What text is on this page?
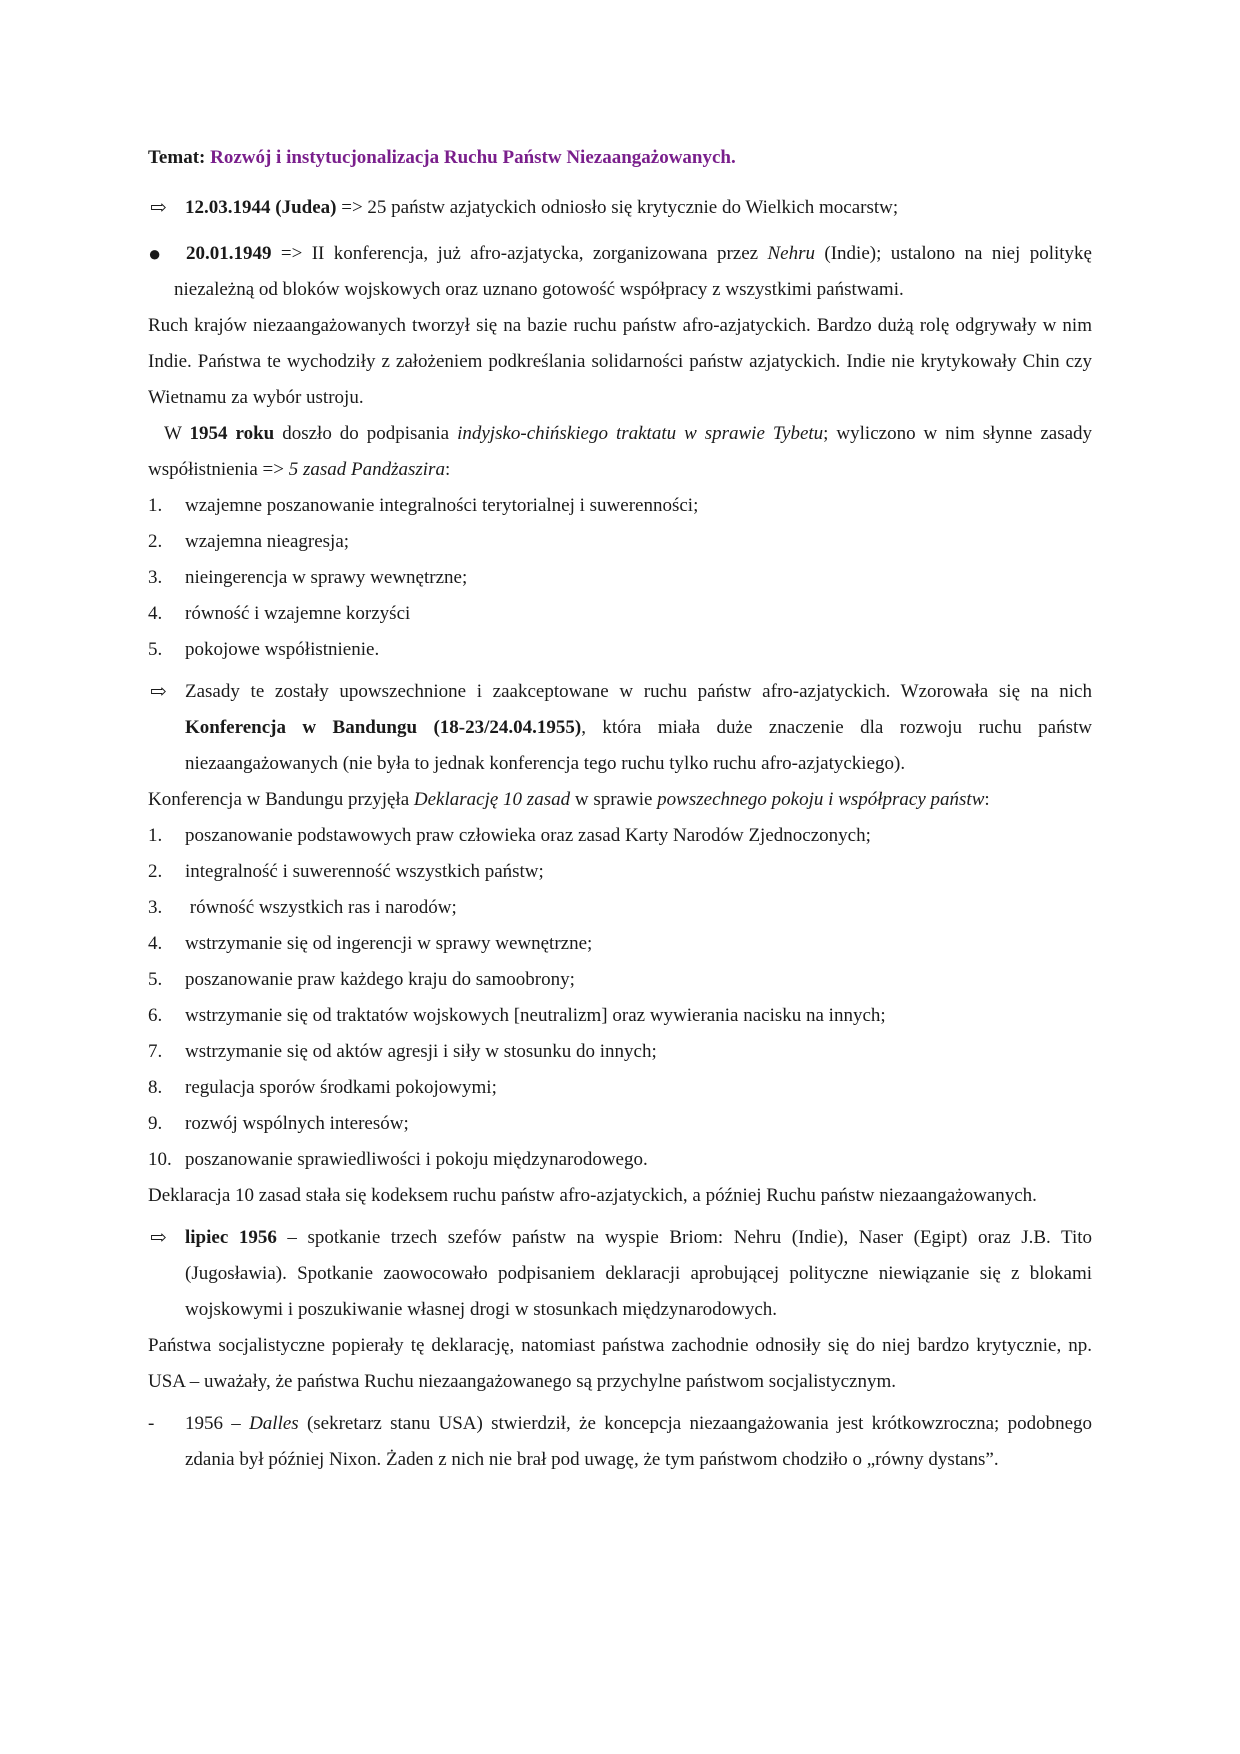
Temat: Rozwój i instytucjonalizacja Ruchu Państw Niezaangażowanych.

⇨ 12.03.1944 (Judea) => 25 państw azjatyckich odniosło się krytycznie do Wielkich mocarstw;

● 20.01.1949 => II konferencja, już afro-azjatycka, zorganizowana przez Nehru (Indie); ustalono na niej politykę niezależną od bloków wojskowych oraz uznano gotowość współpracy z wszystkimi państwami.

Ruch krajów niezaangażowanych tworzył się na bazie ruchu państw afro-azjatyckich. Bardzo dużą rolę odgrywały w nim Indie. Państwa te wychodziły z założeniem podkreślania solidarności państw azjatyckich. Indie nie krytykowały Chin czy Wietnamu za wybór ustroju.

W 1954 roku doszło do podpisania indyjsko-chińskiego traktatu w sprawie Tybetu; wyliczono w nim słynne zasady współistnienia => 5 zasad Pandżaszira:

1. wzajemne poszanowanie integralności terytorialnej i suwerenności;

2. wzajemna nieagresja;

3. nieingerencja w sprawy wewnętrzne;

4. równość i wzajemne korzyści

5. pokojowe współistnienie.

⇨ Zasady te zostały upowszechnione i zaakceptowane w ruchu państw afro-azjatyckich. Wzorowała się na nich Konferencja w Bandungu (18-23/24.04.1955), która miała duże znaczenie dla rozwoju ruchu państw niezaangażowanych (nie była to jednak konferencja tego ruchu tylko ruchu afro-azjatyckiego).

Konferencja w Bandungu przyjęła Deklarację 10 zasad w sprawie powszechnego pokoju i współpracy państw:

1. poszanowanie podstawowych praw człowieka oraz zasad Karty Narodów Zjednoczonych;

2. integralność i suwerenność wszystkich państw;

3. równość wszystkich ras i narodów;

4. wstrzymanie się od ingerencji w sprawy wewnętrzne;

5. poszanowanie praw każdego kraju do samoobrony;

6. wstrzymanie się od traktatów wojskowych [neutralizm] oraz wywierania nacisku na innych;

7. wstrzymanie się od aktów agresji i siły w stosunku do innych;

8. regulacja sporów środkami pokojowymi;

9. rozwój wspólnych interesów;

10. poszanowanie sprawiedliwości i pokoju międzynarodowego.

Deklaracja 10 zasad stała się kodeksem ruchu państw afro-azjatyckich, a później Ruchu państw niezaangażowanych.

⇨ lipiec 1956 – spotkanie trzech szefów państw na wyspie Briom: Nehru (Indie), Naser (Egipt) oraz J.B. Tito (Jugosławia). Spotkanie zaowocowało podpisaniem deklaracji aprobującej polityczne niewiązanie się z blokami wojskowymi i poszukiwanie własnej drogi w stosunkach międzynarodowych.

Państwa socjalistyczne popierały tę deklarację, natomiast państwa zachodnie odnosiły się do niej bardzo krytycznie, np. USA – uważały, że państwa Ruchu niezaangażowanego są przychylne państwom socjalistycznym.

- 1956 – Dalles (sekretarz stanu USA) stwierdził, że koncepcja niezaangażowania jest krótkowzroczna; podobnego zdania był później Nixon. Żaden z nich nie brał pod uwagę, że tym państwom chodziło o „równy dystans”.
